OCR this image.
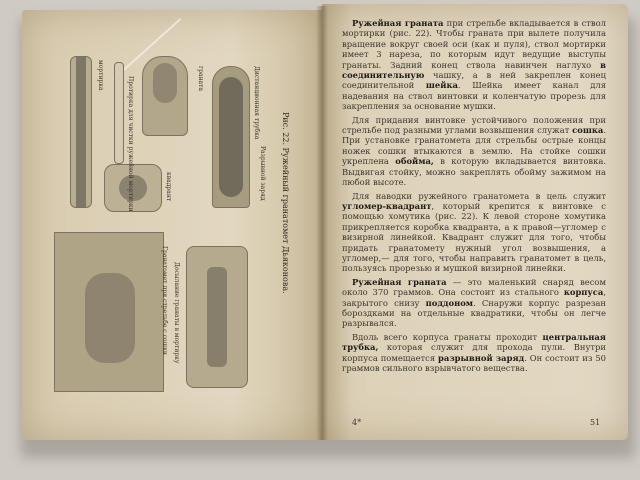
мортирка
Протирка для чистки ружейной мортирки	граната	Дистанционная трубка
Разрывной заряд
квадрант
Досылание гранаты в мортирку
Гранатомет при стрельбе с сошки
Рис. 22. Ружейный гранатомет Дьяконова.

Ружейная граната при стрельбе вкладывается в ствол мортирки (рис. 22). Чтобы граната при вылете получила вращение вокруг своей оси (как и пуля), ствол мортирки имеет 3 нареза, по которым идут ведущие выступы гранаты. Задний конец ствола навинчен наглухо в соединительную чашку, а в ней закреплен конец соединительной шейка. Шейка имеет канал для надевания на ствол винтовки и коленчатую прорезь для закрепления за основание мушки.

Для придания винтовке устойчивого положения при стрельбе под разными углами возвышения служат сошка. При установке гранатомета для стрельбы острые концы ножек сошки втыкаются в землю. На стойке сошки укреплена обойма, в которую вкладывается винтовка. Выдвигая стойку, можно закреплять обойму зажимом на любой высоте.

Для наводки ружейного гранатомета в цель служит угломер-квадрант, который крепится к винтовке с помощью хомутика (рис. 22). К левой стороне хомутика прикрепляется коробка квадранта, а к правой—угломер с визирной линейкой. Квадрант служит для того, чтобы придать гранатомету нужный угол возвышения, а угломер,— для того, чтобы направить гранатомет в цель, пользуясь прорезью и мушкой визирной линейки.

Ружейная граната — это маленький снаряд весом около 370 граммов. Она состоит из стального корпуса, закрытого снизу поддоном. Снаружи корпус разрезан бороздками на отдельные квадратики, чтобы он легче разрывался.

Вдоль всего корпуса гранаты проходит центральная трубка, которая служит для прохода пули. Внутри корпуса помещается разрывной заряд. Он состоит из 50 граммов сильного взрывчатого вещества.

4*	51
